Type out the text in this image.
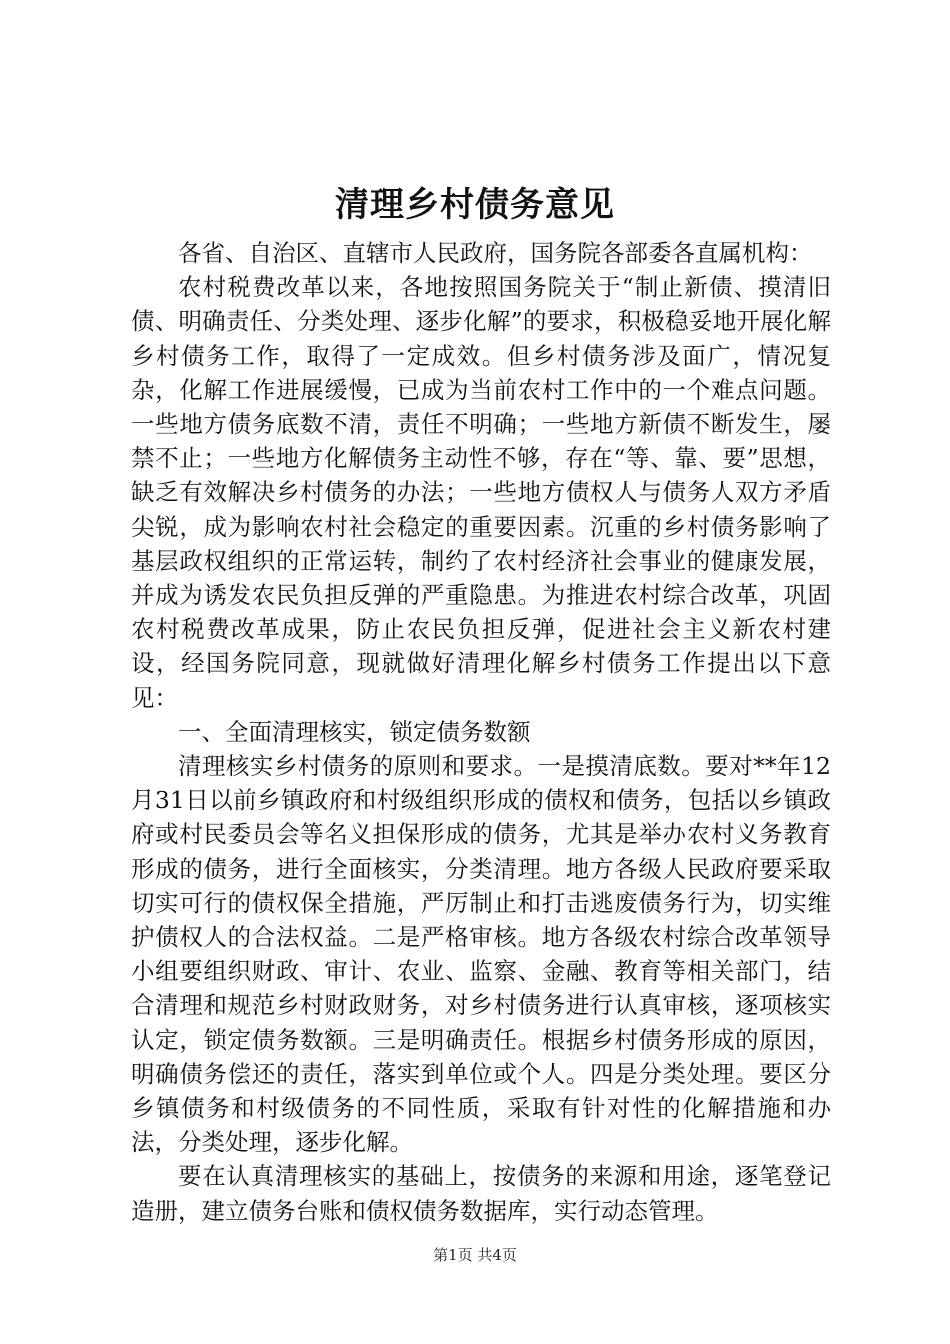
清理乡村债务意见

各省、自治区、直辖市人民政府，国务院各部委各直属机构：

农村税费改革以来，各地按照国务院关于“制止新债、摸清旧债、明确责任、分类处理、逐步化解”的要求，积极稳妥地开展化解乡村债务工作，取得了一定成效。但乡村债务涉及面广，情况复杂，化解工作进展缓慢，已成为当前农村工作中的一个难点问题。一些地方债务底数不清，责任不明确；一些地方新债不断发生，屡禁不止；一些地方化解债务主动性不够，存在“等、靠、要”思想，缺乏有效解决乡村债务的办法；一些地方债权人与债务人双方矛盾尖锐，成为影响农村社会稳定的重要因素。沉重的乡村债务影响了基层政权组织的正常运转，制约了农村经济社会事业的健康发展，并成为诱发农民负担反弹的严重隐患。为推进农村综合改革，巩固农村税费改革成果，防止农民负担反弹，促进社会主义新农村建设，经国务院同意，现就做好清理化解乡村债务工作提出以下意见：

一、全面清理核实，锁定债务数额

清理核实乡村债务的原则和要求。一是摸清底数。要对**年12月31日以前乡镇政府和村级组织形成的债权和债务，包括以乡镇政府或村民委员会等名义担保形成的债务，尤其是举办农村义务教育形成的债务，进行全面核实，分类清理。地方各级人民政府要采取切实可行的债权保全措施，严厉制止和打击逃废债务行为，切实维护债权人的合法权益。二是严格审核。地方各级农村综合改革领导小组要组织财政、审计、农业、监察、金融、教育等相关部门，结合清理和规范乡村财政财务，对乡村债务进行认真审核，逐项核实认定，锁定债务数额。三是明确责任。根据乡村债务形成的原因，明确债务偿还的责任，落实到单位或个人。四是分类处理。要区分乡镇债务和村级债务的不同性质，采取有针对性的化解措施和办法，分类处理，逐步化解。

要在认真清理核实的基础上，按债务的来源和用途，逐笔登记造册，建立债务台账和债权债务数据库，实行动态管理。

第1页 共4页
